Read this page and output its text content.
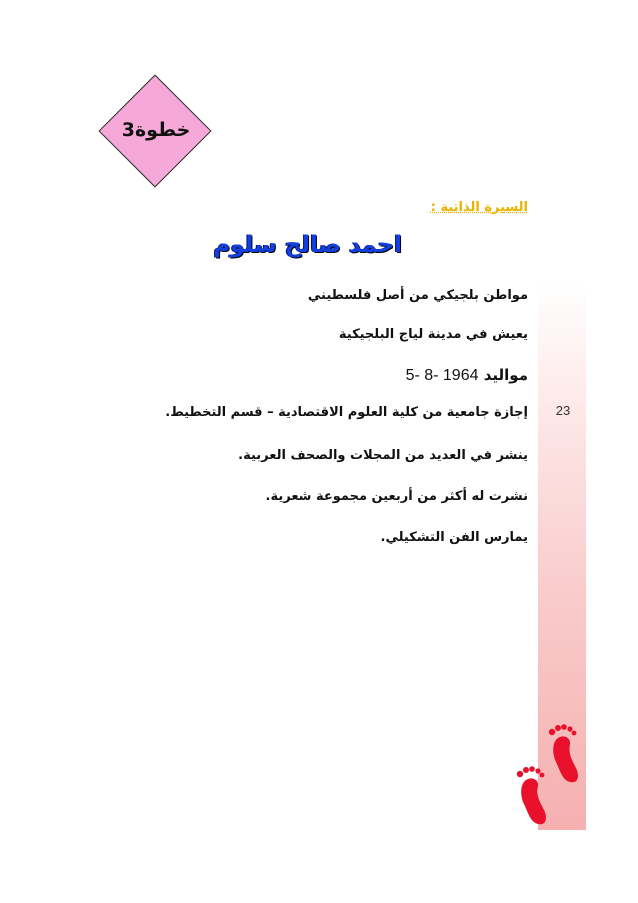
23
خطوة3
السيرة الذاتية :
احمد صالح سلوم
مواطن بلجيكي من أصل فلسطيني
يعيش في مدينة لياج البلجيكية
مواليد 5- 8- 1964
إجازة جامعية من كلية العلوم الاقتصادية – قسم التخطيط.
ينشر في العديد من المجلات والصحف العربية.
نشرت له أكثر من أربعين مجموعة شعرية.
يمارس الفن التشكيلي.
